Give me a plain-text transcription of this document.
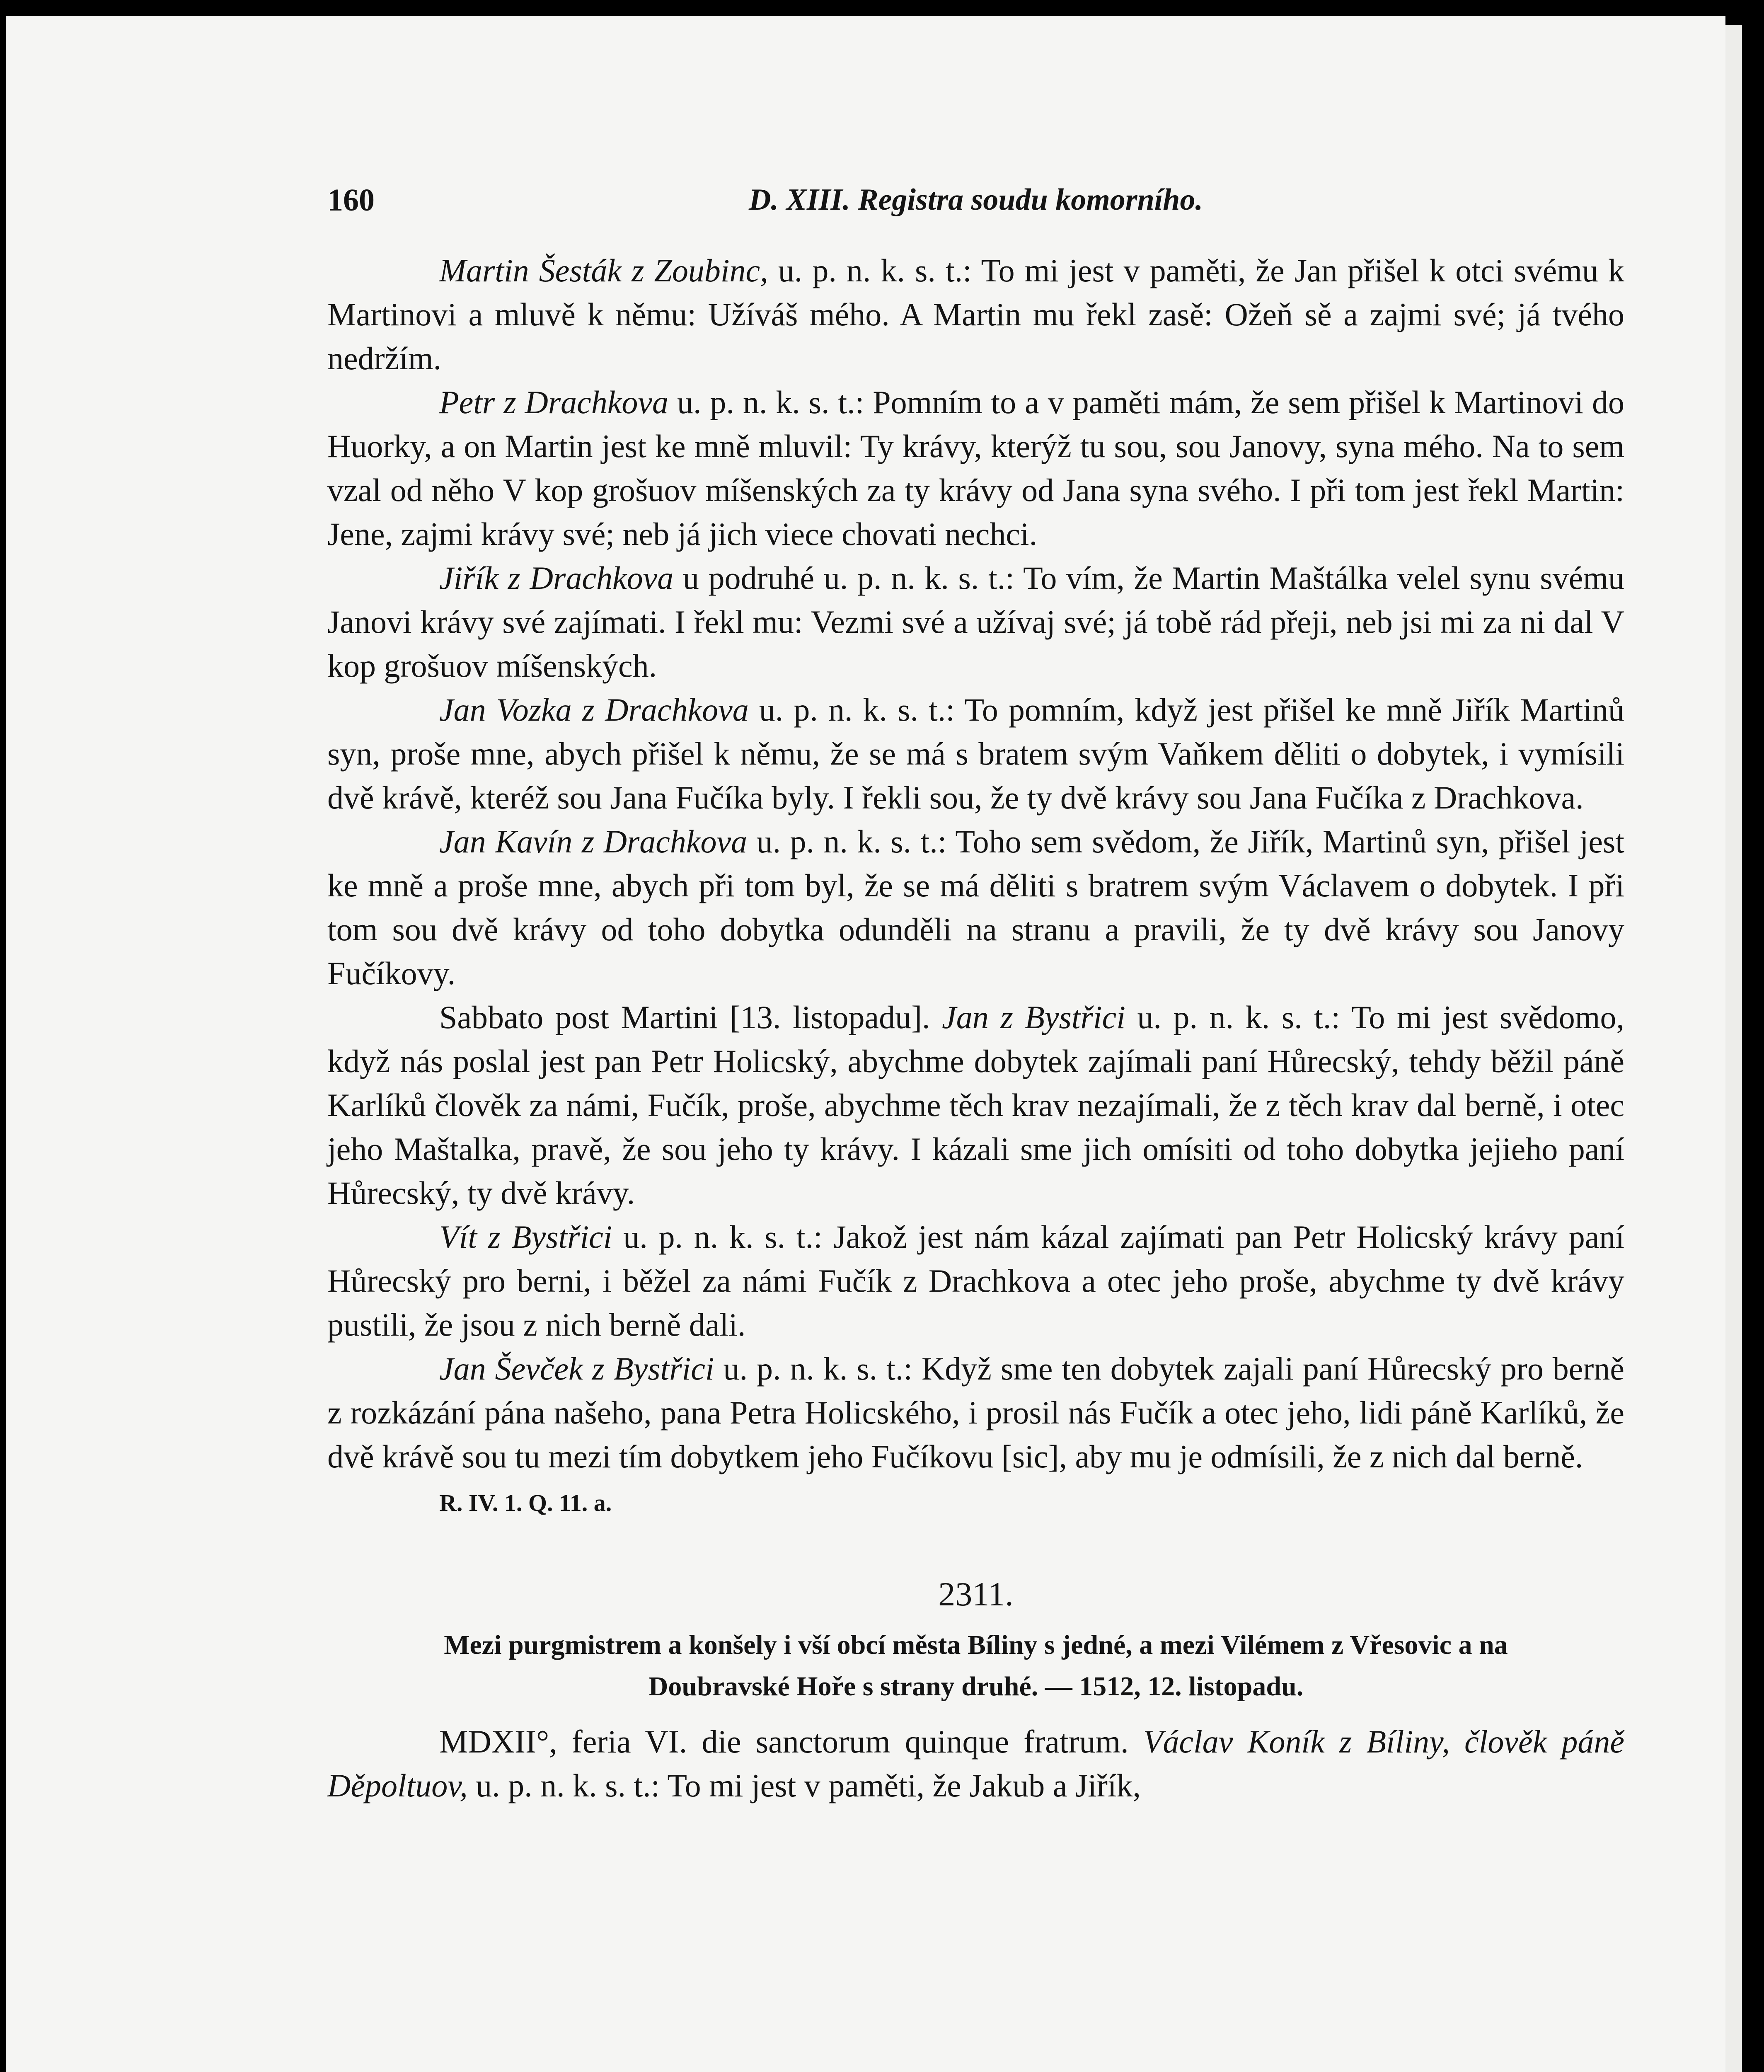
160	D. XIII. Registra soudu komorního.

Martin Šesták z Zoubinc, u. p. n. k. s. t.: To mi jest v paměti, že Jan přišel k otci svému k Martinovi a mluvě k němu: Užíváš mého. A Martin mu řekl zasě: Ožeň sě a zajmi své; já tvého nedržím.

Petr z Drachkova u. p. n. k. s. t.: Pomním to a v paměti mám, že sem přišel k Martinovi do Huorky, a on Martin jest ke mně mluvil: Ty krávy, kterýž tu sou, sou Janovy, syna mého. Na to sem vzal od něho V kop grošuov míšenských za ty krávy od Jana syna svého. I při tom jest řekl Martin: Jene, zajmi krávy své; neb já jich viece chovati nechci.

Jiřík z Drachkova u podruhé u. p. n. k. s. t.: To vím, že Martin Maštálka velel synu svému Janovi krávy své zajímati. I řekl mu: Vezmi své a užívaj své; já tobě rád přeji, neb jsi mi za ni dal V kop grošuov míšenských.

Jan Vozka z Drachkova u. p. n. k. s. t.: To pomním, když jest přišel ke mně Jiřík Martinů syn, proše mne, abych přišel k němu, že se má s bratem svým Vaňkem děliti o dobytek, i vymísili dvě krávě, kteréž sou Jana Fučíka byly. I řekli sou, že ty dvě krávy sou Jana Fučíka z Drachkova.

Jan Kavín z Drachkova u. p. n. k. s. t.: Toho sem svědom, že Jiřík, Martinů syn, přišel jest ke mně a proše mne, abych při tom byl, že se má děliti s bratrem svým Václavem o dobytek. I při tom sou dvě krávy od toho dobytka odunděli na stranu a pravili, že ty dvě krávy sou Janovy Fučíkovy.

Sabbato post Martini [13. listopadu]. Jan z Bystřici u. p. n. k. s. t.: To mi jest svědomo, když nás poslal jest pan Petr Holicský, abychme dobytek zajímali paní Hůrecský, tehdy běžil páně Karlíků člověk za námi, Fučík, proše, abychme těch krav nezajímali, že z těch krav dal berně, i otec jeho Maštalka, pravě, že sou jeho ty krávy. I kázali sme jich omísiti od toho dobytka jejieho paní Hůrecský, ty dvě krávy.

Vít z Bystřici u. p. n. k. s. t.: Jakož jest nám kázal zajímati pan Petr Holicský krávy paní Hůrecský pro berni, i běžel za námi Fučík z Drachkova a otec jeho proše, abychme ty dvě krávy pustili, že jsou z nich berně dali.

Jan Ševček z Bystřici u. p. n. k. s. t.: Když sme ten dobytek zajali paní Hůrecský pro berně z rozkázání pána našeho, pana Petra Holicského, i prosil nás Fučík a otec jeho, lidi páně Karlíků, že dvě krávě sou tu mezi tím dobytkem jeho Fučíkovu [sic], aby mu je odmísili, že z nich dal berně.

R. IV. 1. Q. 11. a.
2311.
Mezi purgmistrem a konšely i vší obcí města Bíliny s jedné, a mezi Vilémem z Vřesovic a na
Doubravské Hoře s strany druhé. — 1512, 12. listopadu.

MDXII°, feria VI. die sanctorum quinque fratrum. Václav Koník z Bíliny, člověk páně Děpoltuov, u. p. n. k. s. t.: To mi jest v paměti, že Jakub a Jiřík,
